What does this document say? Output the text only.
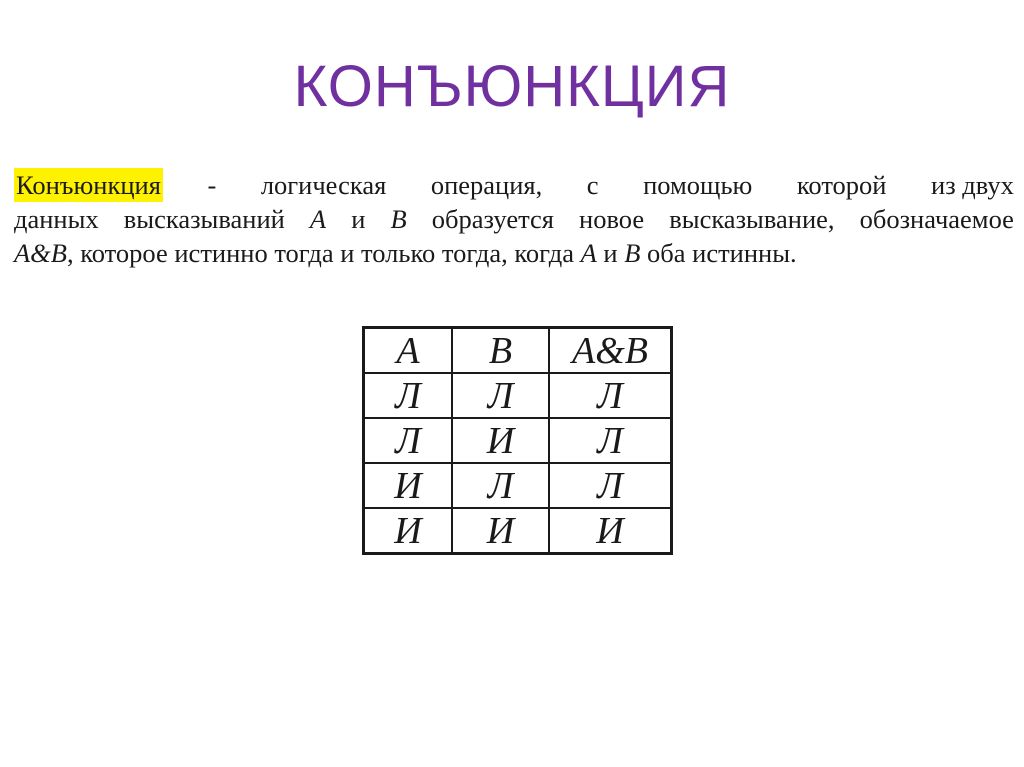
КОНЪЮНКЦИЯ
Конъюнкция - логическая операция, с помощью которой из двух
данных высказываний A и B образуется новое высказывание, обозначаемое
A&B, которое истинно тогда и только тогда, когда A и B оба истинны.
A	B	A&B
Л	Л	Л
Л	И	Л
И	Л	Л
И	И	И
